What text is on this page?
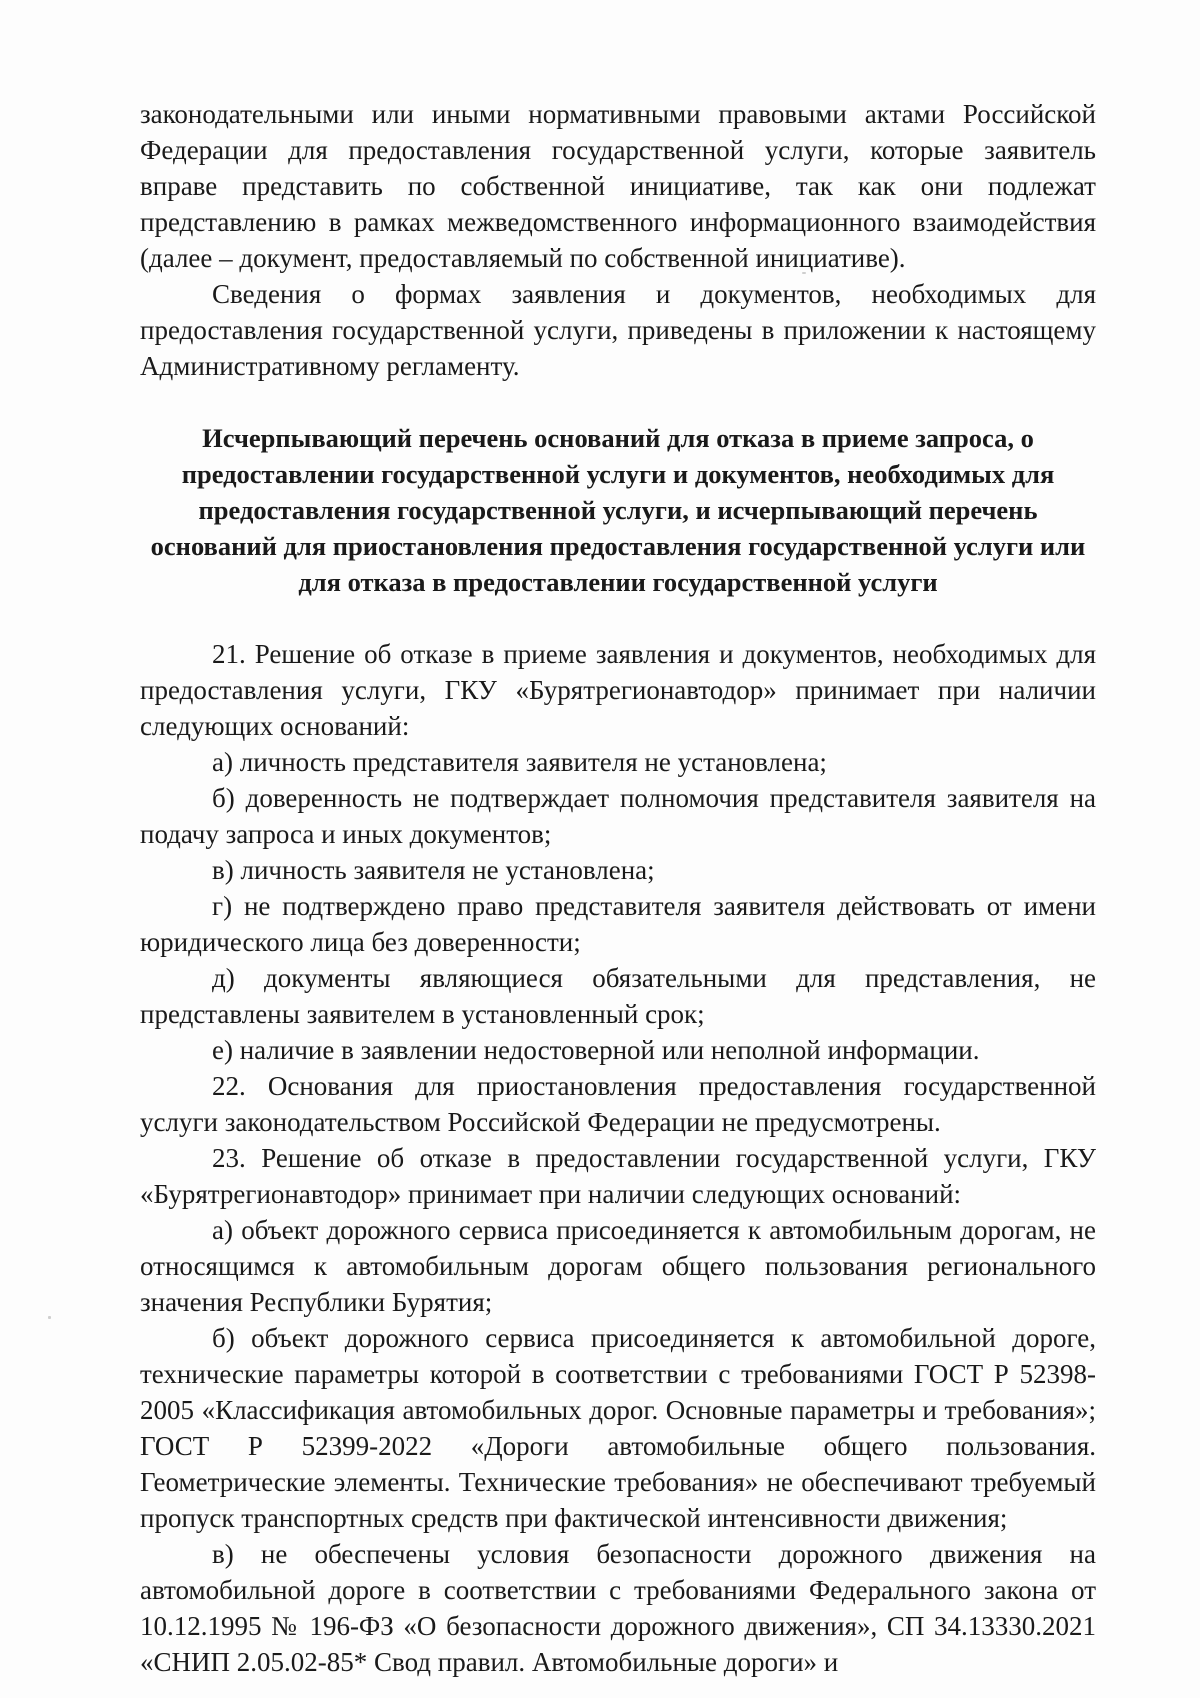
законодательными или иными нормативными правовыми актами Российской Федерации для предоставления государственной услуги, которые заявитель вправе представить по собственной инициативе, так как они подлежат представлению в рамках межведомственного информационного взаимодействия (далее – документ, предоставляемый по собственной инициативе).

Сведения о формах заявления и документов, необходимых для предоставления государственной услуги, приведены в приложении к настоящему Административному регламенту.

Исчерпывающий перечень оснований для отказа в приеме запроса, о предоставлении государственной услуги и документов, необходимых для предоставления государственной услуги, и исчерпывающий перечень оснований для приостановления предоставления государственной услуги или для отказа в предоставлении государственной услуги

21. Решение об отказе в приеме заявления и документов, необходимых для предоставления услуги, ГКУ «Бурятрегионавтодор» принимает при наличии следующих оснований:

а) личность представителя заявителя не установлена;

б) доверенность не подтверждает полномочия представителя заявителя на подачу запроса и иных документов;

в) личность заявителя не установлена;

г) не подтверждено право представителя заявителя действовать от имени юридического лица без доверенности;

д) документы являющиеся обязательными для представления, не представлены заявителем в установленный срок;

е) наличие в заявлении недостоверной или неполной информации.

22. Основания для приостановления предоставления государственной услуги законодательством Российской Федерации не предусмотрены.

23. Решение об отказе в предоставлении государственной услуги, ГКУ «Бурятрегионавтодор» принимает при наличии следующих оснований:

а) объект дорожного сервиса присоединяется к автомобильным дорогам, не относящимся к автомобильным дорогам общего пользования регионального значения Республики Бурятия;

б) объект дорожного сервиса присоединяется к автомобильной дороге, технические параметры которой в соответствии с требованиями ГОСТ Р 52398-2005 «Классификация автомобильных дорог. Основные параметры и требования»; ГОСТ Р 52399-2022 «Дороги автомобильные общего пользования. Геометрические элементы. Технические требования» не обеспечивают требуемый пропуск транспортных средств при фактической интенсивности движения;

в) не обеспечены условия безопасности дорожного движения на автомобильной дороге в соответствии с требованиями Федерального закона от 10.12.1995 № 196-ФЗ «О безопасности дорожного движения», СП 34.13330.2021 «СНИП 2.05.02-85* Свод правил. Автомобильные дороги» и
